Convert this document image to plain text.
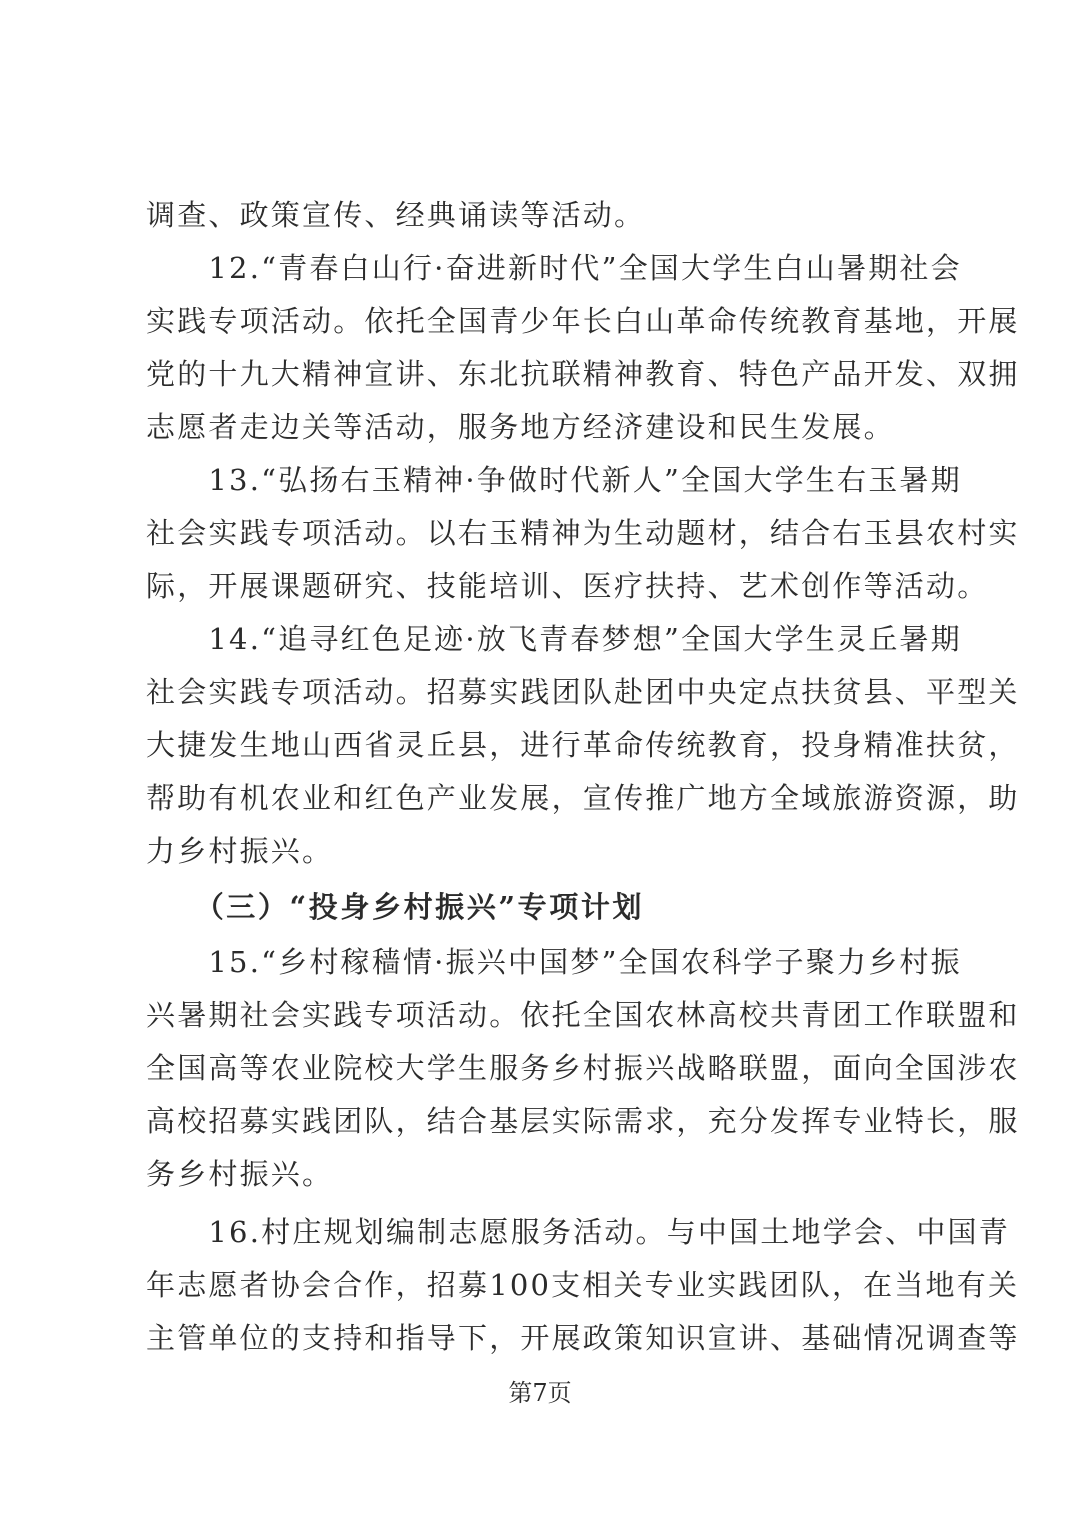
调查、政策宣传、经典诵读等活动。
　　12.“青春白山行·奋进新时代”全国大学生白山暑期社会
实践专项活动。依托全国青少年长白山革命传统教育基地，开展
党的十九大精神宣讲、东北抗联精神教育、特色产品开发、双拥
志愿者走边关等活动，服务地方经济建设和民生发展。
　　13.“弘扬右玉精神·争做时代新人”全国大学生右玉暑期
社会实践专项活动。以右玉精神为生动题材，结合右玉县农村实
际，开展课题研究、技能培训、医疗扶持、艺术创作等活动。
　　14.“追寻红色足迹·放飞青春梦想”全国大学生灵丘暑期
社会实践专项活动。招募实践团队赴团中央定点扶贫县、平型关
大捷发生地山西省灵丘县，进行革命传统教育，投身精准扶贫，
帮助有机农业和红色产业发展，宣传推广地方全域旅游资源，助
力乡村振兴。
　　（三）“投身乡村振兴”专项计划
　　15.“乡村稼穑情·振兴中国梦”全国农科学子聚力乡村振
兴暑期社会实践专项活动。依托全国农林高校共青团工作联盟和
全国高等农业院校大学生服务乡村振兴战略联盟，面向全国涉农
高校招募实践团队，结合基层实际需求，充分发挥专业特长，服
务乡村振兴。
　　16.村庄规划编制志愿服务活动。与中国土地学会、中国青
年志愿者协会合作，招募100支相关专业实践团队，在当地有关
主管单位的支持和指导下，开展政策知识宣讲、基础情况调查等
第7页
